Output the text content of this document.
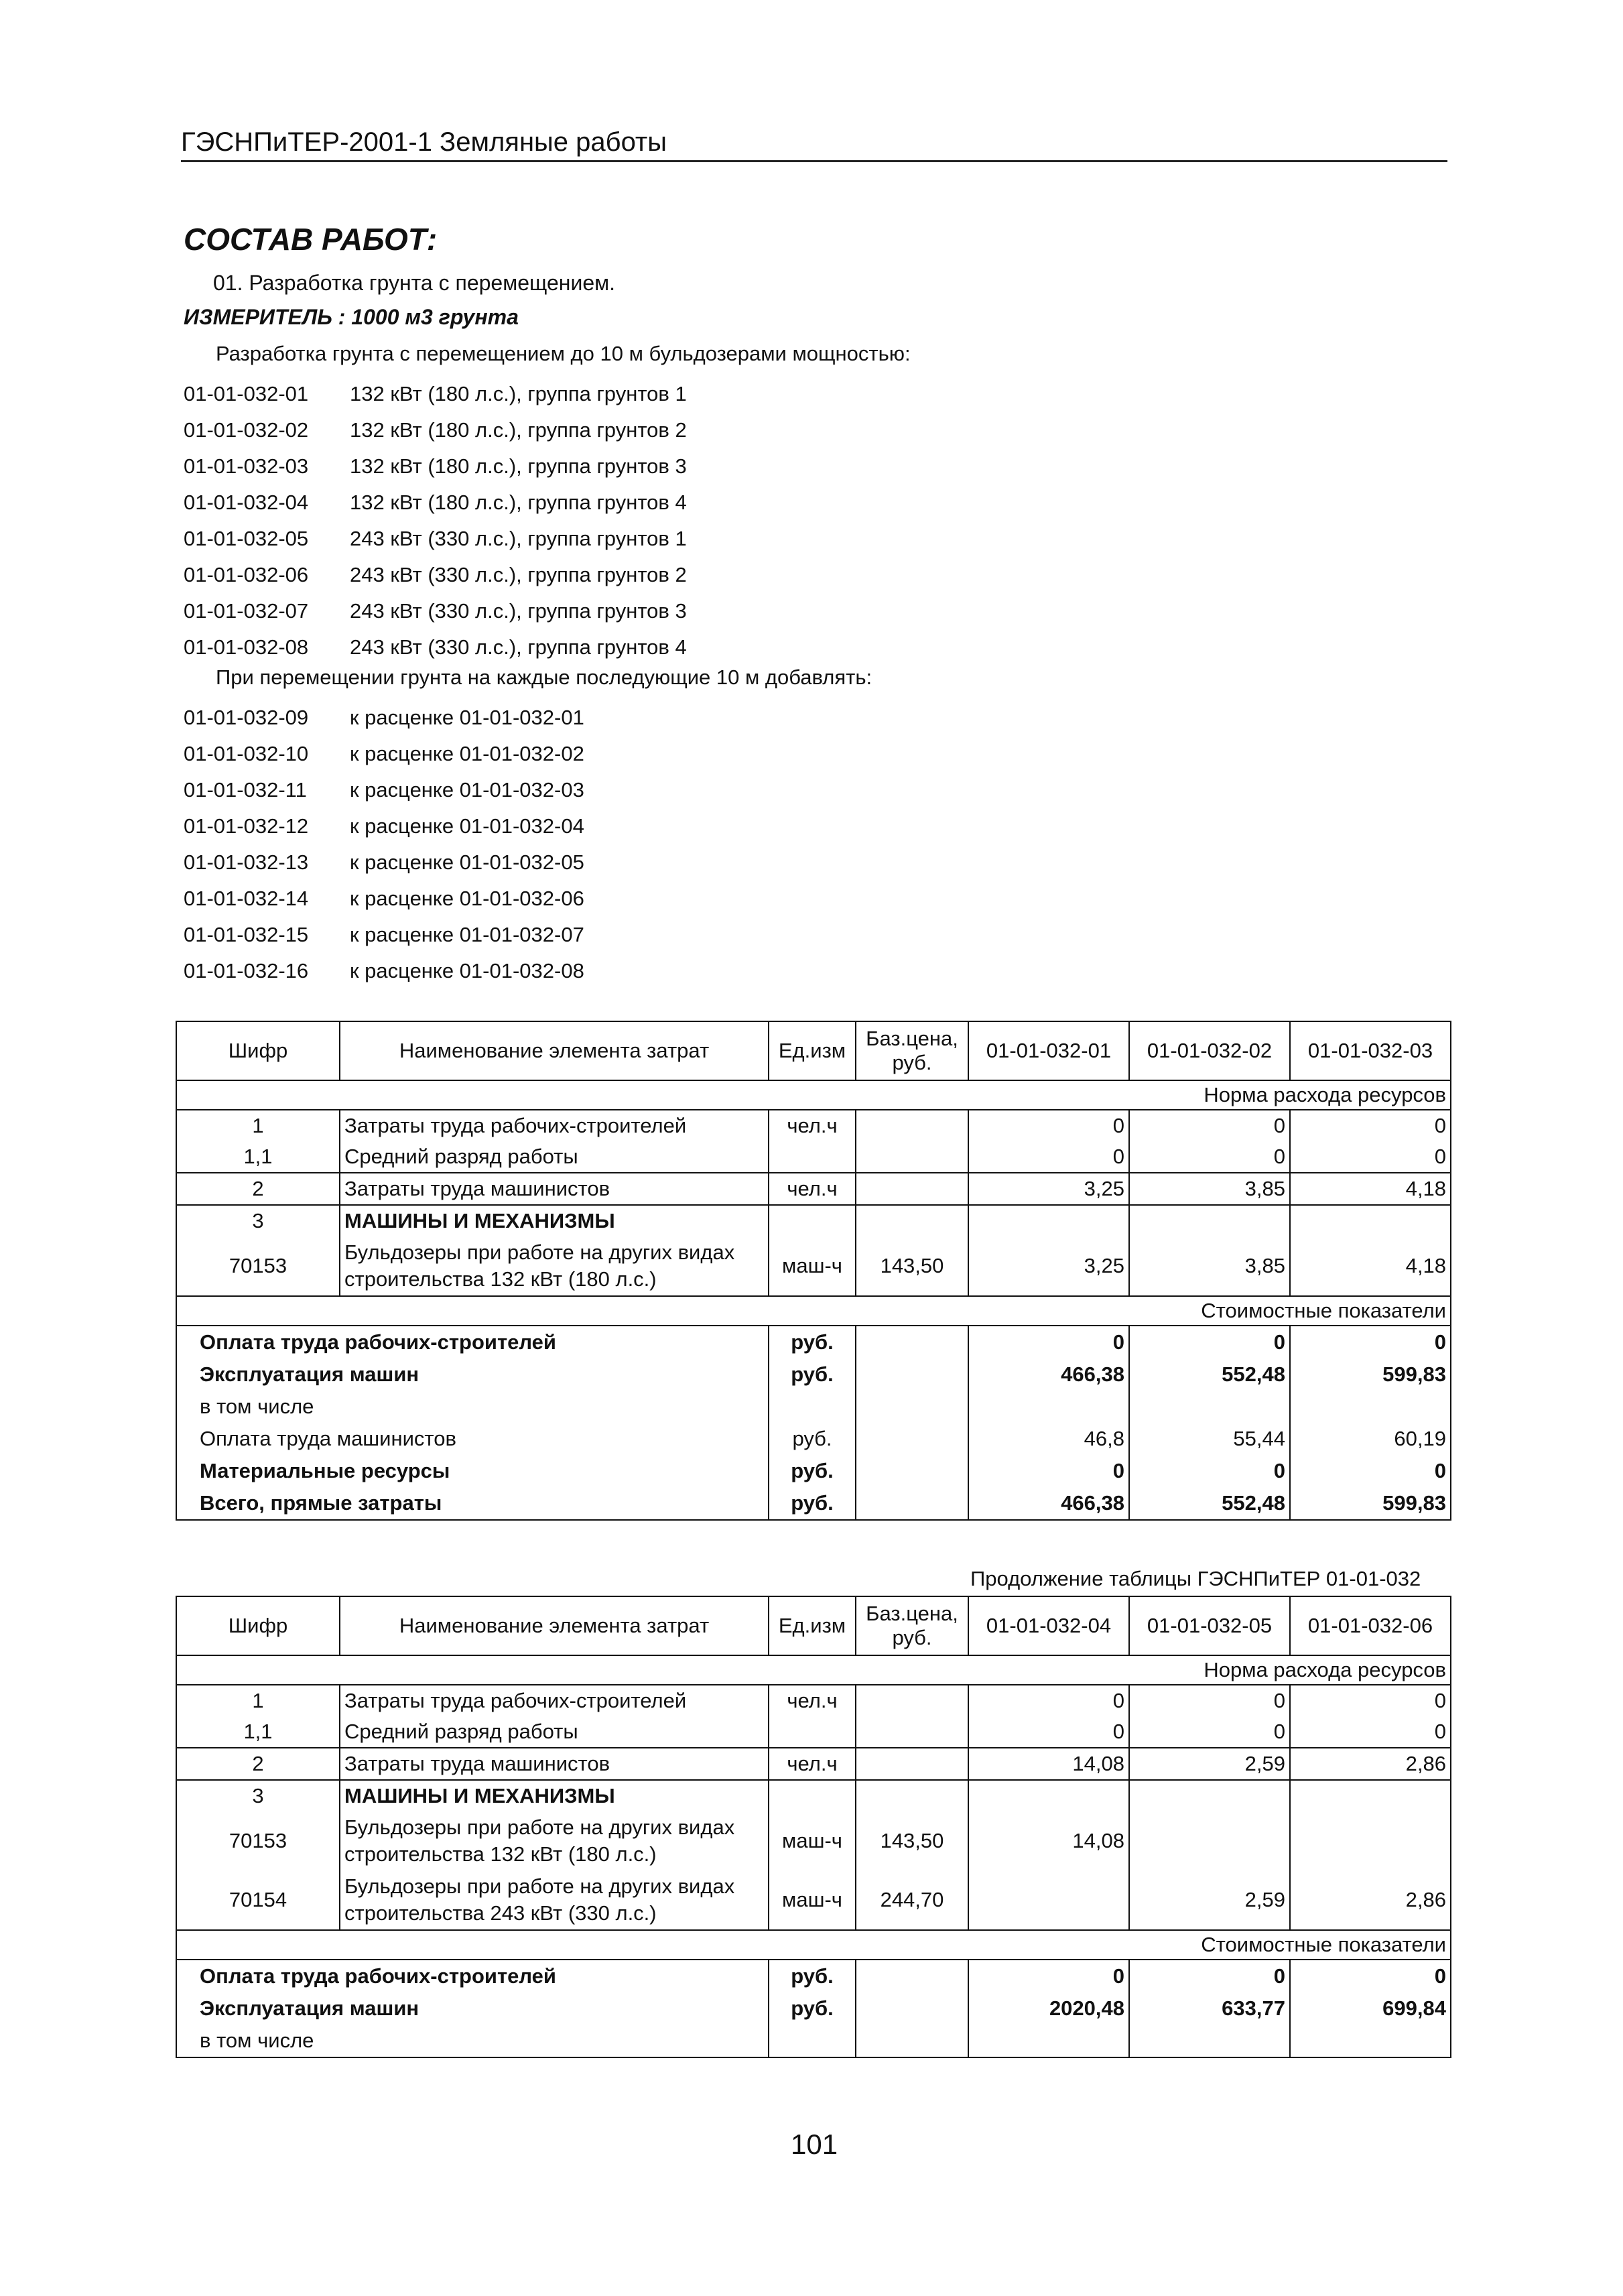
ГЭСНПиТЕР-2001-1 Земляные работы
СОСТАВ РАБОТ:
01. Разработка грунта с перемещением.
ИЗМЕРИТЕЛЬ : 1000 м3 грунта
Разработка грунта с перемещением до 10 м бульдозерами мощностью:
01-01-032-01 132 кВт (180 л.с.), группа грунтов 1
01-01-032-02 132 кВт (180 л.с.), группа грунтов 2
01-01-032-03 132 кВт (180 л.с.), группа грунтов 3
01-01-032-04 132 кВт (180 л.с.), группа грунтов 4
01-01-032-05 243 кВт (330 л.с.), группа грунтов 1
01-01-032-06 243 кВт (330 л.с.), группа грунтов 2
01-01-032-07 243 кВт (330 л.с.), группа грунтов 3
01-01-032-08 243 кВт (330 л.с.), группа грунтов 4
При перемещении грунта на каждые последующие 10 м добавлять:
01-01-032-09 к расценке 01-01-032-01
01-01-032-10 к расценке 01-01-032-02
01-01-032-11 к расценке 01-01-032-03
01-01-032-12 к расценке 01-01-032-04
01-01-032-13 к расценке 01-01-032-05
01-01-032-14 к расценке 01-01-032-06
01-01-032-15 к расценке 01-01-032-07
01-01-032-16 к расценке 01-01-032-08
Шифр	Наименование элемента затрат	Ед.изм	Баз.цена, руб.	01-01-032-01	01-01-032-02	01-01-032-03
Норма расхода ресурсов						
1	Затраты труда рабочих-строителей	чел.ч		0	0	0
1,1	Средний разряд работы			0	0	0
2	Затраты труда машинистов	чел.ч		3,25	3,85	4,18
3	МАШИНЫ И МЕХАНИЗМЫ					
70153	Бульдозеры при работе на других видах строительства 132 кВт (180 л.с.)	маш-ч	143,50	3,25	3,85	4,18
Стоимостные показатели						
Оплата труда рабочих-строителей		руб.		0	0	0
Эксплуатация машин		руб.		466,38	552,48	599,83
в том числе						
Оплата труда машинистов		руб.		46,8	55,44	60,19
Материальные ресурсы		руб.		0	0	0
Всего, прямые затраты		руб.		466,38	552,48	599,83
Продолжение таблицы ГЭСНПиТЕР 01-01-032
Шифр	Наименование элемента затрат	Ед.изм	Баз.цена, руб.	01-01-032-04	01-01-032-05	01-01-032-06
Норма расхода ресурсов						
1	Затраты труда рабочих-строителей	чел.ч		0	0	0
1,1	Средний разряд работы			0	0	0
2	Затраты труда машинистов	чел.ч		14,08	2,59	2,86
3	МАШИНЫ И МЕХАНИЗМЫ					
70153	Бульдозеры при работе на других видах строительства 132 кВт (180 л.с.)	маш-ч	143,50	14,08		
70154	Бульдозеры при работе на других видах строительства 243 кВт (330 л.с.)	маш-ч	244,70		2,59	2,86
Стоимостные показатели						
Оплата труда рабочих-строителей		руб.		0	0	0
Эксплуатация машин		руб.		2020,48	633,77	699,84
в том числе						
101
